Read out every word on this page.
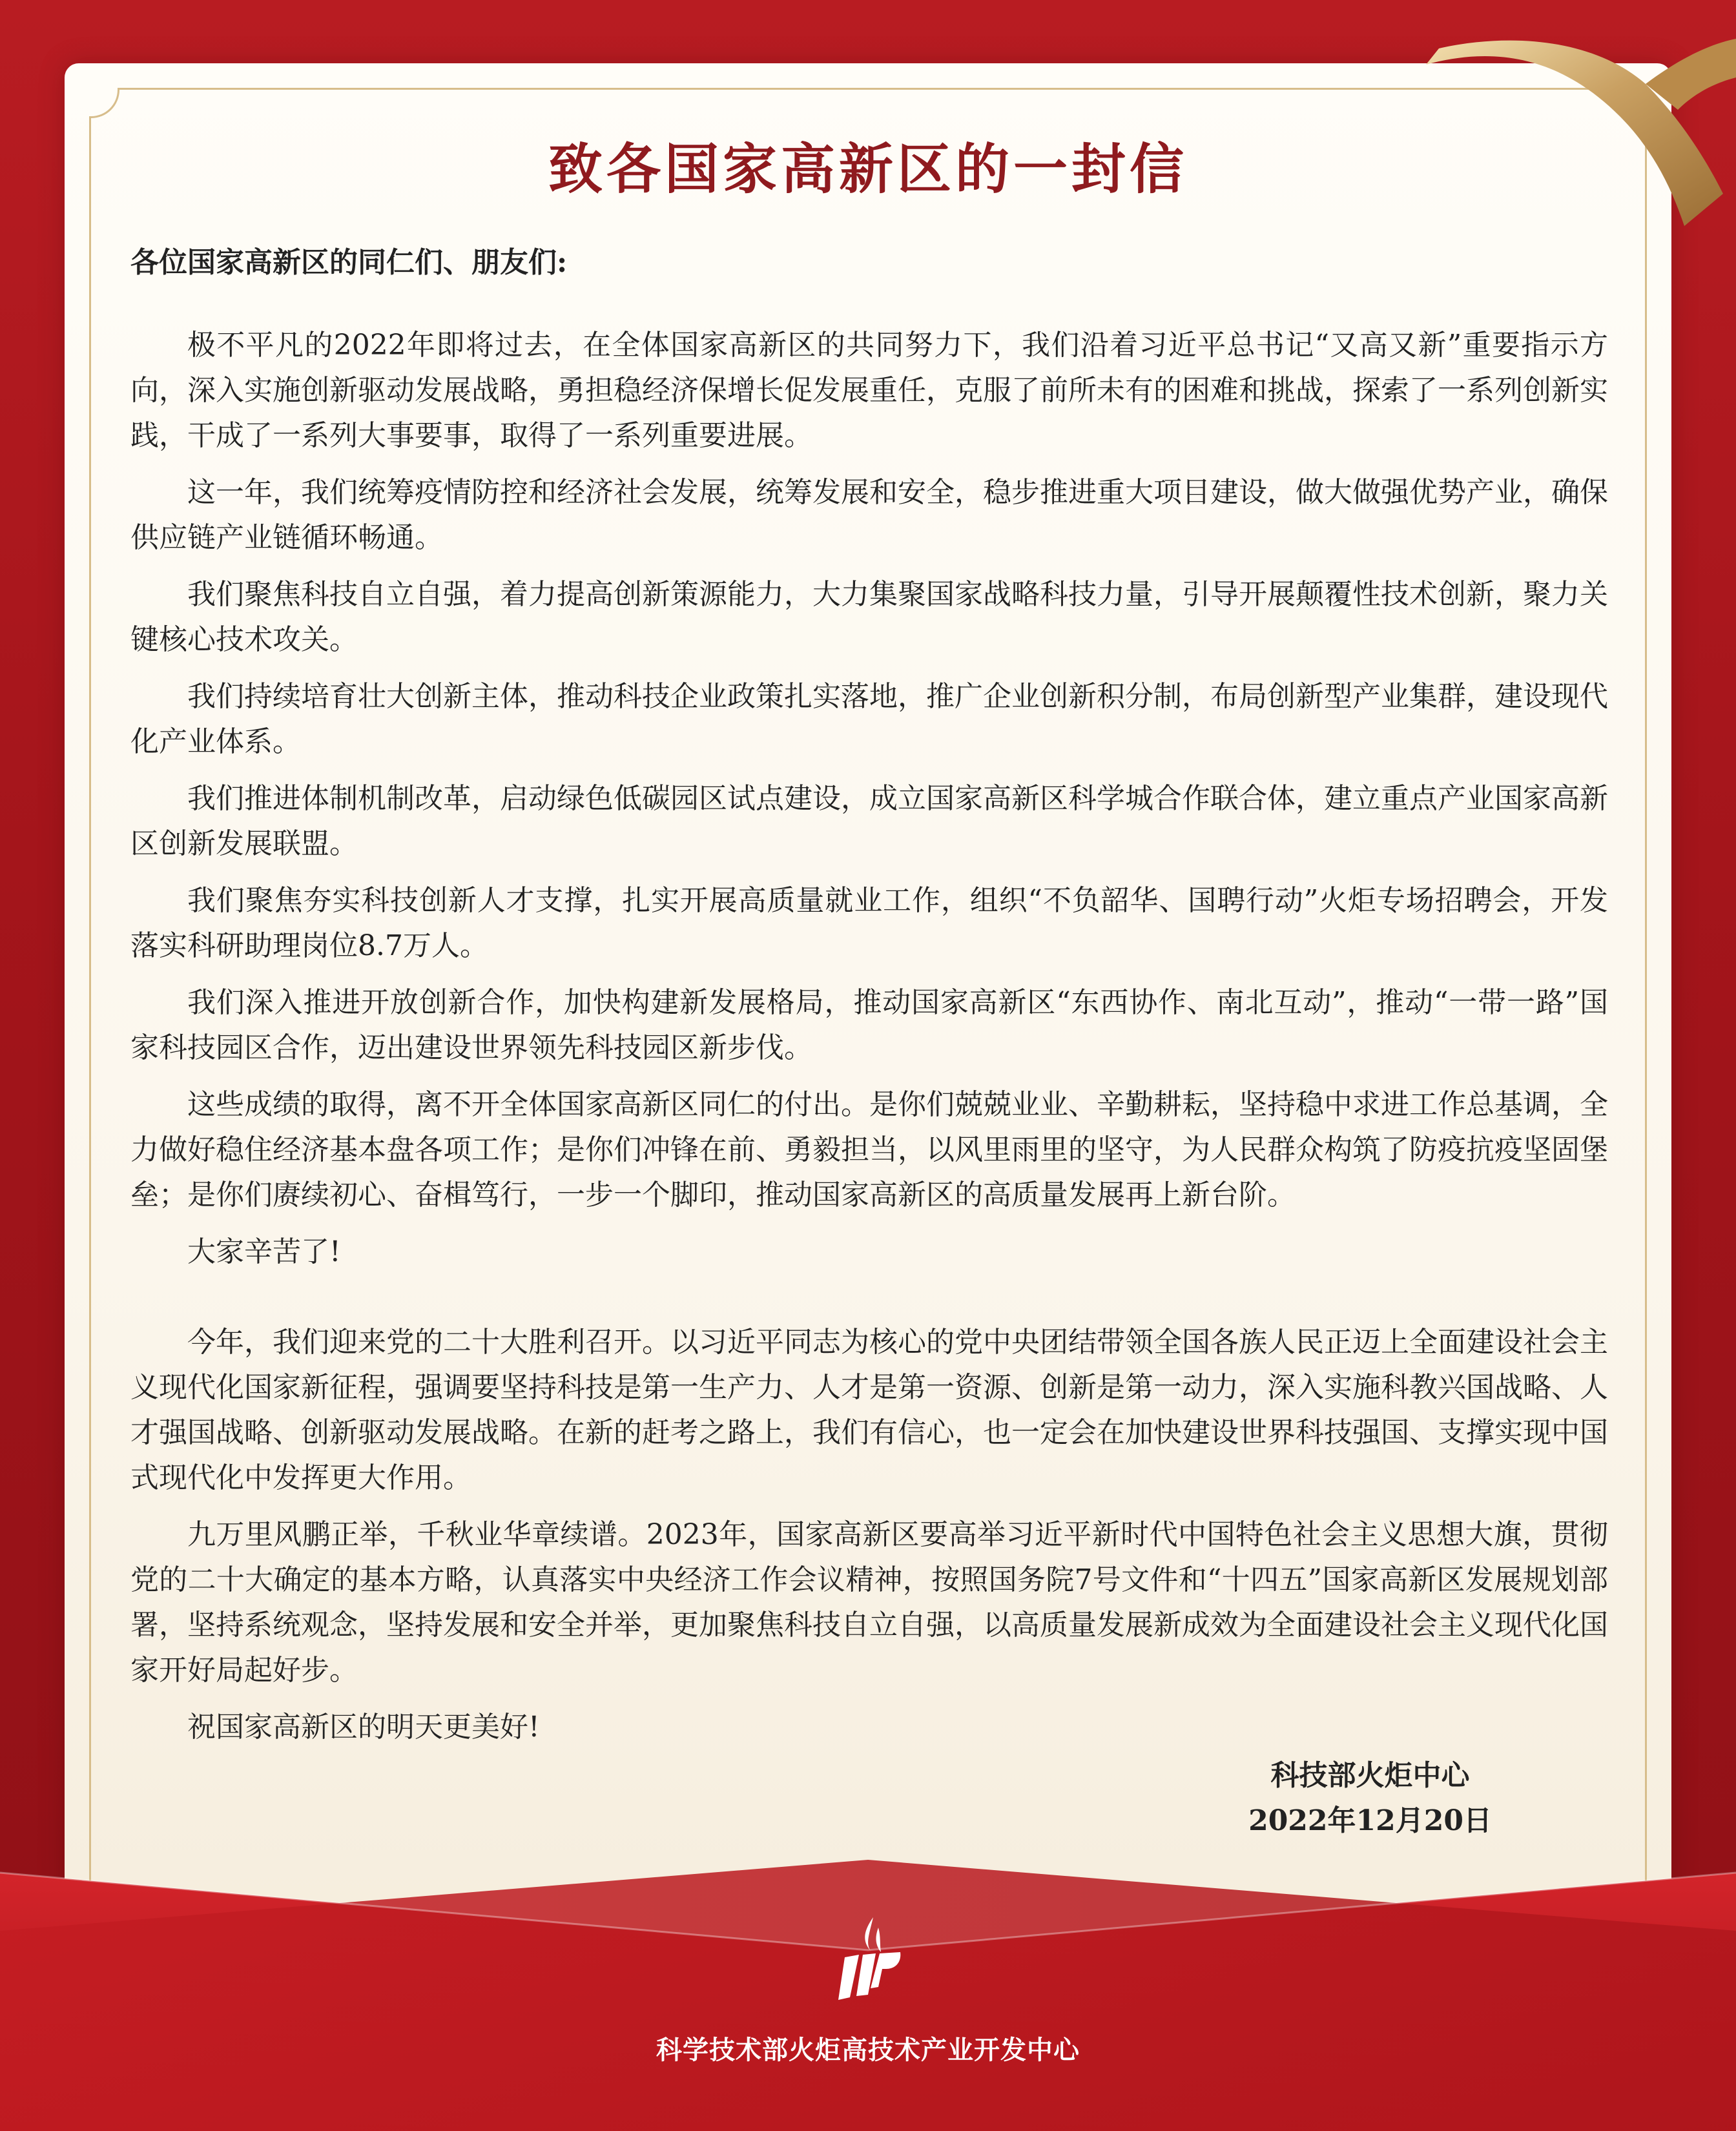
致各国家高新区的一封信

各位国家高新区的同仁们、朋友们:

极不平凡的2022年即将过去，在全体国家高新区的共同努力下，我们沿着习近平总书记“又高又新”重要指示方向，深入实施创新驱动发展战略，勇担稳经济保增长促发展重任，克服了前所未有的困难和挑战，探索了一系列创新实践，干成了一系列大事要事，取得了一系列重要进展。

这一年，我们统筹疫情防控和经济社会发展，统筹发展和安全，稳步推进重大项目建设，做大做强优势产业，确保供应链产业链循环畅通。

我们聚焦科技自立自强，着力提高创新策源能力，大力集聚国家战略科技力量，引导开展颠覆性技术创新，聚力关键核心技术攻关。

我们持续培育壮大创新主体，推动科技企业政策扎实落地，推广企业创新积分制，布局创新型产业集群，建设现代化产业体系。

我们推进体制机制改革，启动绿色低碳园区试点建设，成立国家高新区科学城合作联合体，建立重点产业国家高新区创新发展联盟。

我们聚焦夯实科技创新人才支撑，扎实开展高质量就业工作，组织“不负韶华、国聘行动”火炬专场招聘会，开发落实科研助理岗位8.7万人。

我们深入推进开放创新合作，加快构建新发展格局，推动国家高新区“东西协作、南北互动”，推动“一带一路”国家科技园区合作，迈出建设世界领先科技园区新步伐。

这些成绩的取得，离不开全体国家高新区同仁的付出。是你们兢兢业业、辛勤耕耘，坚持稳中求进工作总基调，全力做好稳住经济基本盘各项工作；是你们冲锋在前、勇毅担当，以风里雨里的坚守，为人民群众构筑了防疫抗疫坚固堡垒；是你们赓续初心、奋楫笃行，一步一个脚印，推动国家高新区的高质量发展再上新台阶。

大家辛苦了!

今年，我们迎来党的二十大胜利召开。以习近平同志为核心的党中央团结带领全国各族人民正迈上全面建设社会主义现代化国家新征程，强调要坚持科技是第一生产力、人才是第一资源、创新是第一动力，深入实施科教兴国战略、人才强国战略、创新驱动发展战略。在新的赶考之路上，我们有信心，也一定会在加快建设世界科技强国、支撑实现中国式现代化中发挥更大作用。

九万里风鹏正举，千秋业华章续谱。2023年，国家高新区要高举习近平新时代中国特色社会主义思想大旗，贯彻党的二十大确定的基本方略，认真落实中央经济工作会议精神，按照国务院7号文件和“十四五”国家高新区发展规划部署，坚持系统观念，坚持发展和安全并举，更加聚焦科技自立自强，以高质量发展新成效为全面建设社会主义现代化国家开好局起好步。

祝国家高新区的明天更美好!

科技部火炬中心
2022年12月20日
科学技术部火炬高技术产业开发中心
